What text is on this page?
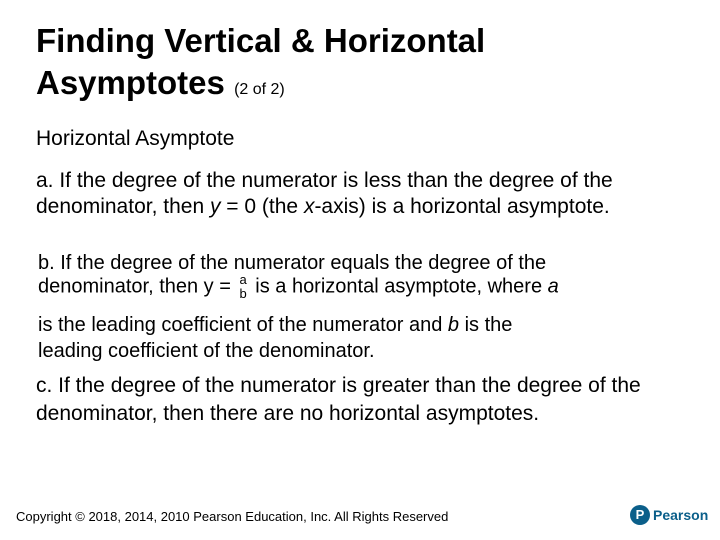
Finding Vertical & Horizontal
Asymptotes (2 of 2)
Horizontal Asymptote
a. If the degree of the numerator is less than the degree of the denominator, then y = 0 (the x-axis) is a horizontal asymptote.
b. If the degree of the numerator equals the degree of the
denominator, then y = a
b is a horizontal asymptote, where a
is the leading coefficient of the numerator and b is the
leading coefficient of the denominator.
c. If the degree of the numerator is greater than the degree of the denominator, then there are no horizontal asymptotes.
Copyright © 2018, 2014, 2010 Pearson Education, Inc. All Rights Reserved	P Pearson
